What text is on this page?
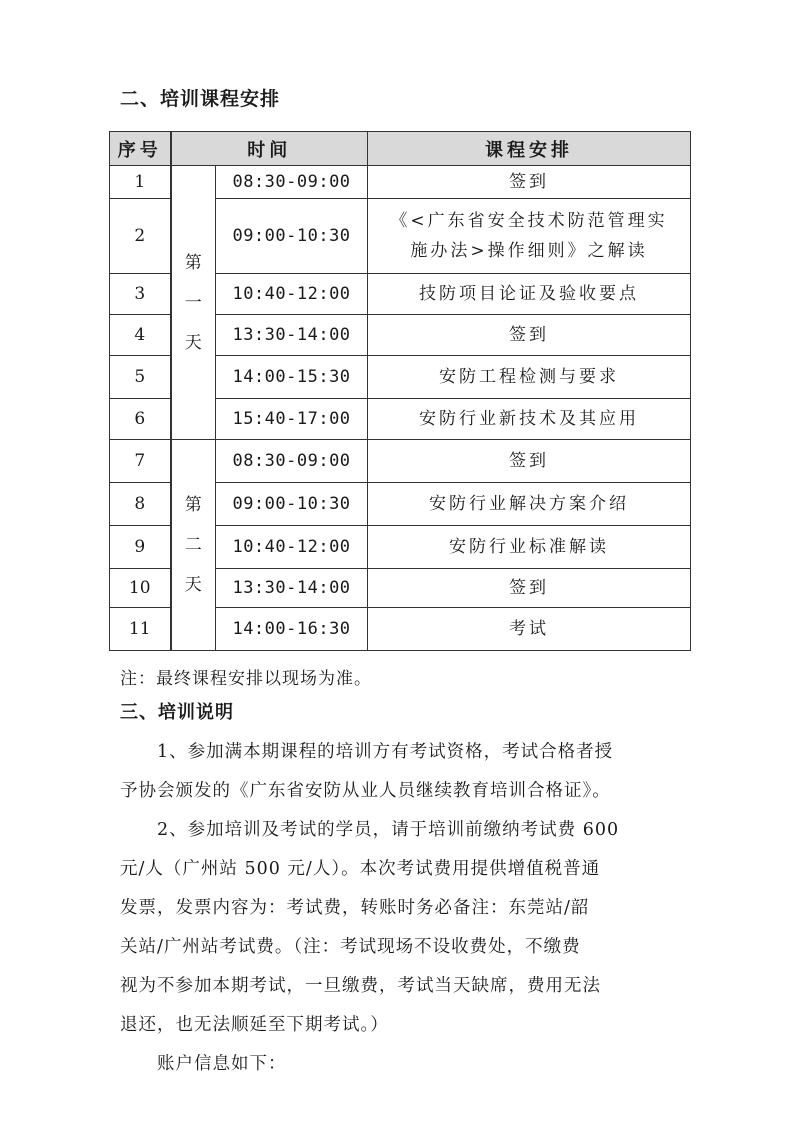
二、培训课程安排
序号	时间		课程安排
1	第一天	08:30-09:00	签到
2		09:00-10:30	《<广东省安全技术防范管理实
施办法>操作细则》之解读

3		10:40-12:00	技防项目论证及验收要点
4		13:30-14:00	签到
5		14:00-15:30	安防工程检测与要求
6		15:40-17:00	安防行业新技术及其应用
7	第二天	08:30-09:00	签到
8		09:00-10:30	安防行业解决方案介绍
9		10:40-12:00	安防行业标准解读
10		13:30-14:00	签到
11		14:00-16:30	考试
注：最终课程安排以现场为准。
三、培训说明
1、参加满本期课程的培训方有考试资格，考试合格者授
予协会颁发的《广东省安防从业人员继续教育培训合格证》。
2、参加培训及考试的学员，请于培训前缴纳考试费 600
元/人（广州站 500 元/人）。本次考试费用提供增值税普通
发票，发票内容为：考试费，转账时务必备注：东莞站/韶
关站/广州站考试费。（注：考试现场不设收费处，不缴费
视为不参加本期考试，一旦缴费，考试当天缺席，费用无法
退还，也无法顺延至下期考试。）
账户信息如下：
